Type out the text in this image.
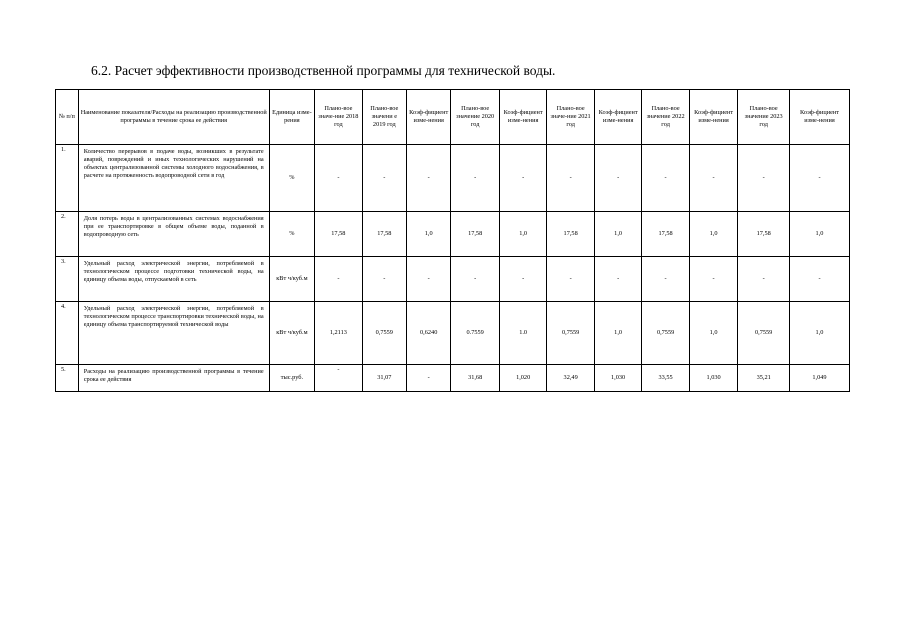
6.2. Расчет эффективности производственной программы для технической воды.
№ п/п	Наименование показателя/Расходы на реализацию производственной программы в течение срока ее действия	Единица изме-рения	Плано-вое значе-ние 2018 год	Плано-вое значени е 2019 год	Коэф-фициент изме-нения	Плано-вое значение 2020 год	Коэф-фициент изме-нения	Плано-вое значе-ние 2021 год	Коэф-фициент изме-нения	Плано-вое значение 2022 год	Коэф-фициент изме-нения	Плано-вое значение 2023 год	Коэф-фициент изме-нения
1.	Количество перерывов в подаче воды, возникших в результате аварий, повреждений и иных технологических нарушений на объектах централизованной системы холодного водоснабжения, в расчете на протяженность водопроводной сети в год	%	-	-	-	-	-	-	-	-	-	-	-
2.	Доля потерь воды в централизованных системах водоснабжения при ее транспортировке в общем объеме воды, поданной в водопроводную сеть	%	17,58	17,58	1,0	17,58	1,0	17,58	1,0	17,58	1,0	17,58	1,0
3.	Удельный расход электрической энергии, потребляемой в технологическом процессе подготовки технической воды, на единицу объема воды, отпускаемой в сеть	кВт ч/куб.м	-	-	-	-	-	-	-	-	-	-	-
4.	Удельный расход электрической энергии, потребляемой в технологическом процессе транспортировки технической воды, на единицу объема транспортируемой технической воды	кВт ч/куб.м	1,2113	0,7559	0,6240	0.7559	1.0	0,7559	1,0	0,7559	1,0	0,7559	1,0
5.	Расходы на реализацию производственной программы в течение срока ее действия	тыс.руб.	-	31,07	-	31,68	1,020	32,49	1,030	33,55	1,030	35,21	1,049
